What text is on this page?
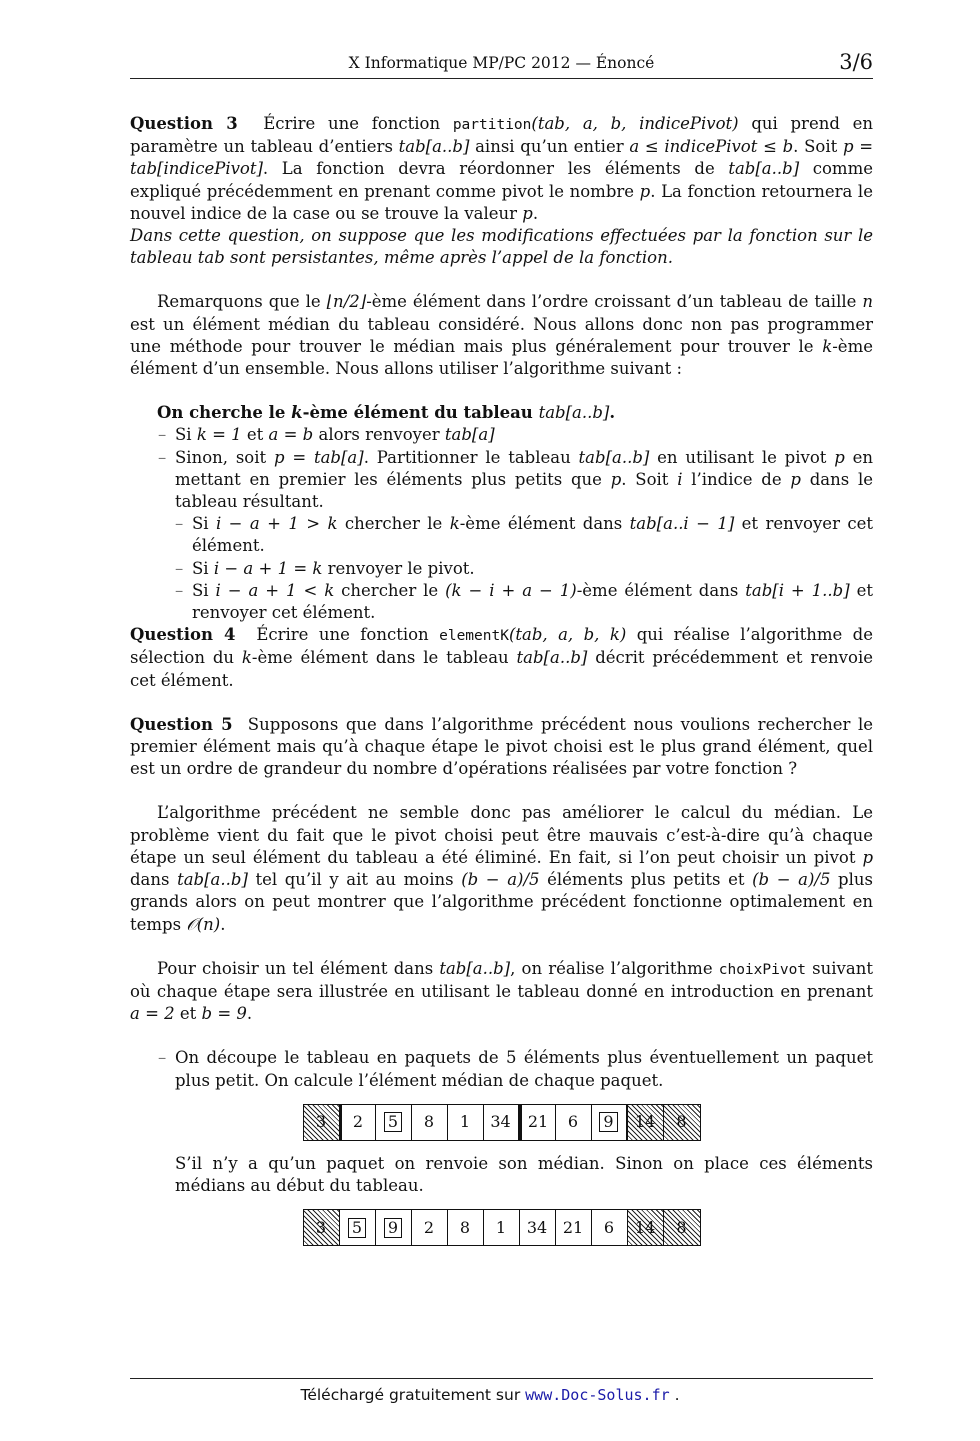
X Informatique MP/PC 2012 — Énoncé	3/6

Question 3 Écrire une fonction partition(tab, a, b, indicePivot) qui prend en paramètre un tableau d’entiers tab[a..b] ainsi qu’un entier a ≤ indicePivot ≤ b. Soit p = tab[indicePivot]. La fonction devra réordonner les éléments de tab[a..b] comme expliqué précédemment en prenant comme pivot le nombre p. La fonction retournera le nouvel indice de la case ou se trouve la valeur p.

Dans cette question, on suppose que les modifications effectuées par la fonction sur le tableau tab sont persistantes, même après l’appel de la fonction.

Remarquons que le ⌊n/2⌋-ème élément dans l’ordre croissant d’un tableau de taille n est un élément médian du tableau considéré. Nous allons donc non pas programmer une méthode pour trouver le médian mais plus généralement pour trouver le k-ème élément d’un ensemble. Nous allons utiliser l’algorithme suivant :

On cherche le k-ème élément du tableau tab[a..b].
– Si k = 1 et a = b alors renvoyer tab[a]
– Sinon, soit p = tab[a]. Partitionner le tableau tab[a..b] en utilisant le pivot p en mettant en premier les éléments plus petits que p. Soit i l’indice de p dans le tableau résultant.
– Si i − a + 1 > k chercher le k-ème élément dans tab[a..i − 1] et renvoyer cet élément.
– Si i − a + 1 = k renvoyer le pivot.
– Si i − a + 1 < k chercher le (k − i + a − 1)-ème élément dans tab[i + 1..b] et renvoyer cet élément.

Question 4 Écrire une fonction elementK(tab, a, b, k) qui réalise l’algorithme de sélection du k-ème élément dans le tableau tab[a..b] décrit précédemment et renvoie cet élément.

Question 5 Supposons que dans l’algorithme précédent nous voulions rechercher le premier élément mais qu’à chaque étape le pivot choisi est le plus grand élément, quel est un ordre de grandeur du nombre d’opérations réalisées par votre fonction ?

L’algorithme précédent ne semble donc pas améliorer le calcul du médian. Le problème vient du fait que le pivot choisi peut être mauvais c’est-à-dire qu’à chaque étape un seul élément du tableau a été éliminé. En fait, si l’on peut choisir un pivot p dans tab[a..b] tel qu’il y ait au moins (b − a)/5 éléments plus petits et (b − a)/5 plus grands alors on peut montrer que l’algorithme précédent fonctionne optimalement en temps 𝒪(n).

Pour choisir un tel élément dans tab[a..b], on réalise l’algorithme choixPivot suivant où chaque étape sera illustrée en utilisant le tableau donné en introduction en prenant a = 2 et b = 9.

– On découpe le tableau en paquets de 5 éléments plus éventuellement un paquet plus petit. On calcule l’élément médian de chaque paquet.
3 2 5 8 1 34 21 6 9 14 8

S’il n’y a qu’un paquet on renvoie son médian. Sinon on place ces éléments médians au début du tableau.

3 5 9 2 8 1 34 21 6 14 8
Téléchargé gratuitement sur www.Doc-Solus.fr .
